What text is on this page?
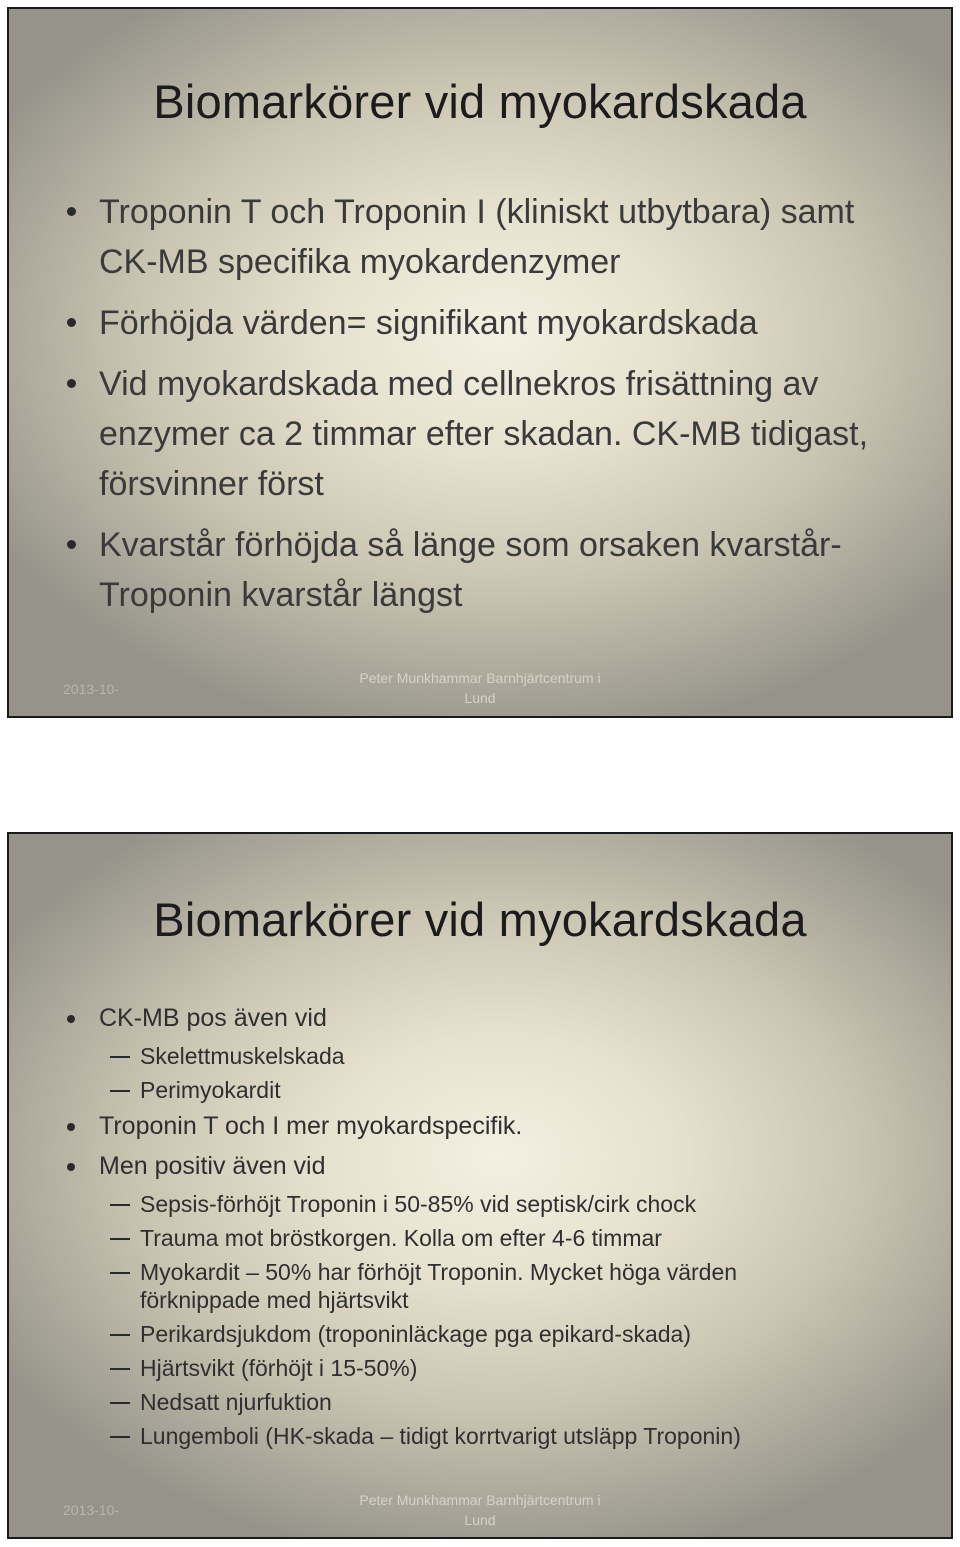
Biomarkörer vid myokardskada
Troponin T och Troponin I (kliniskt utbytbara) samt CK-MB specifika myokardenzymer
Förhöjda värden= signifikant myokardskada
Vid myokardskada med cellnekros frisättning av enzymer ca 2 timmar efter skadan. CK-MB tidigast, försvinner först
Kvarstår förhöjda så länge som orsaken kvarstår- Troponin kvarstår längst
2013-10-
Peter Munkhammar Barnhjärtcentrum i
Lund
Biomarkörer vid myokardskada
CK-MB pos även vid
Skelettmuskelskada
Perimyokardit
Troponin T och I mer myokardspecifik.
Men positiv även vid
Sepsis-förhöjt Troponin i 50-85% vid septisk/cirk chock
Trauma mot bröstkorgen. Kolla om efter 4-6 timmar
Myokardit – 50% har förhöjt Troponin. Mycket höga värden förknippade med hjärtsvikt
Perikardsjukdom (troponinläckage pga epikard-skada)
Hjärtsvikt (förhöjt i 15-50%)
Nedsatt njurfuktion
Lungemboli (HK-skada – tidigt korrtvarigt utsläpp Troponin)
2013-10-
Peter Munkhammar Barnhjärtcentrum i
Lund
